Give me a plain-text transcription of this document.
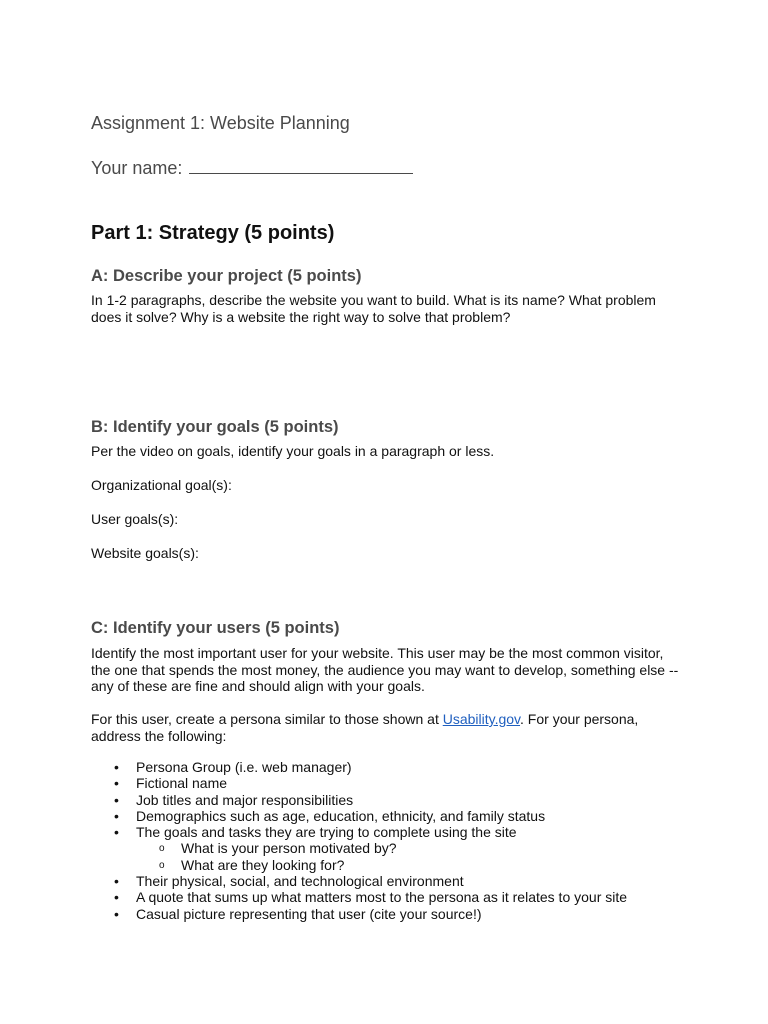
Assignment 1: Website Planning
Your name:
Part 1: Strategy (5 points)
A: Describe your project (5 points)
In 1-2 paragraphs, describe the website you want to build. What is its name? What problem
does it solve? Why is a website the right way to solve that problem?
B: Identify your goals (5 points)
Per the video on goals, identify your goals in a paragraph or less.
Organizational goal(s):
User goals(s):
Website goals(s):
C: Identify your users (5 points)
Identify the most important user for your website. This user may be the most common visitor,
the one that spends the most money, the audience you may want to develop, something else --
any of these are fine and should align with your goals.
For this user, create a persona similar to those shown at Usability.gov. For your persona,
address the following:
• Persona Group (i.e. web manager)
• Fictional name
• Job titles and major responsibilities
• Demographics such as age, education, ethnicity, and family status
• The goals and tasks they are trying to complete using the site
o What is your person motivated by?
o What are they looking for?
• Their physical, social, and technological environment
• A quote that sums up what matters most to the persona as it relates to your site
• Casual picture representing that user (cite your source!)
